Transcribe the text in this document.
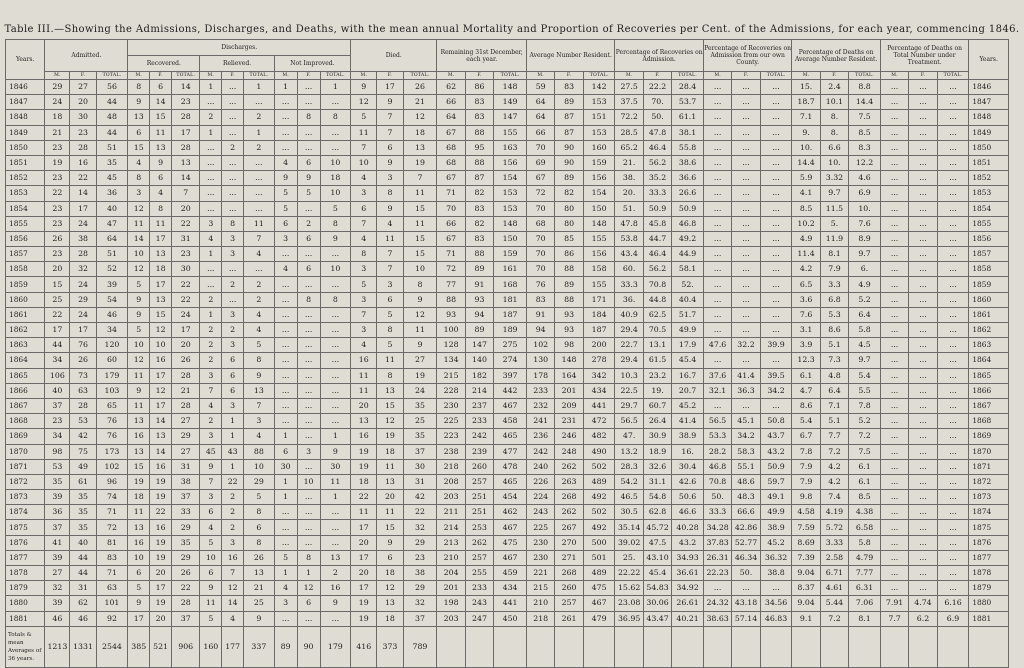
Table III.—Showing the Admissions, Discharges, and Deaths, with the mean annual Mortality and Proportion of Recoveries per Cent. of the Admissions, for each year, commencing 1846.
Years.	Admitted.			Discharges.									Died.			Remaining 31st December, each year.			Average Number Resident.			Percentage of Recoveries on Admission.			Percentage of Recoveries on Admission from our own County.			Percentage of Deaths on Average Number Resident.			Percentage of Deaths on Total Number under Treatment.			Years.
				Recovered.			Relieved.			Not Improved.																								
	M.	F.	TOTAL.	M.	F.	TOTAL.	M.	F.	TOTAL.	M.	F.	TOTAL.	M.	F.	TOTAL.	M.	F.	TOTAL.	M.	F.	TOTAL.	M.	F.	TOTAL.	M.	F.	TOTAL.	M.	F.	TOTAL.	M.	F.	TOTAL.	
1846	29	27	56	8	6	14	1	...	1	1	...	1	9	17	26	62	86	148	59	83	142	27.5	22.2	28.4	...	...	...	15.	2.4	8.8	...	...	...	1846
1847	24	20	44	9	14	23	...	...	...	...	...	...	12	9	21	66	83	149	64	89	153	37.5	70.	53.7	...	...	...	18.7	10.1	14.4	...	...	...	1847
1848	18	30	48	13	15	28	2	...	2	...	8	8	5	7	12	64	83	147	64	87	151	72.2	50.	61.1	...	...	...	7.1	8.	7.5	...	...	...	1848
1849	21	23	44	6	11	17	1	...	1	...	...	...	11	7	18	67	88	155	66	87	153	28.5	47.8	38.1	...	...	...	9.	8.	8.5	...	...	...	1849
1850	23	28	51	15	13	28	...	2	2	...	...	...	7	6	13	68	95	163	70	90	160	65.2	46.4	55.8	...	...	...	10.	6.6	8.3	...	...	...	1850
1851	19	16	35	4	9	13	...	...	...	4	6	10	10	9	19	68	88	156	69	90	159	21.	56.2	38.6	...	...	...	14.4	10.	12.2	...	...	...	1851
1852	23	22	45	8	6	14	...	...	...	9	9	18	4	3	7	67	87	154	67	89	156	38.	35.2	36.6	...	...	...	5.9	3.32	4.6	...	...	...	1852
1853	22	14	36	3	4	7	...	...	...	5	5	10	3	8	11	71	82	153	72	82	154	20.	33.3	26.6	...	...	...	4.1	9.7	6.9	...	...	...	1853
1854	23	17	40	12	8	20	...	...	...	5	...	5	6	9	15	70	83	153	70	80	150	51.	50.9	50.9	...	...	...	8.5	11.5	10.	...	...	...	1854
1855	23	24	47	11	11	22	3	8	11	6	2	8	7	4	11	66	82	148	68	80	148	47.8	45.8	46.8	...	...	...	10.2	5.	7.6	...	...	...	1855
1856	26	38	64	14	17	31	4	3	7	3	6	9	4	11	15	67	83	150	70	85	155	53.8	44.7	49.2	...	...	...	4.9	11.9	8.9	...	...	...	1856
1857	23	28	51	10	13	23	1	3	4	...	...	...	8	7	15	71	88	159	70	86	156	43.4	46.4	44.9	...	...	...	11.4	8.1	9.7	...	...	...	1857
1858	20	32	52	12	18	30	...	...	...	4	6	10	3	7	10	72	89	161	70	88	158	60.	56.2	58.1	...	...	...	4.2	7.9	6.	...	...	...	1858
1859	15	24	39	5	17	22	...	2	2	...	...	...	5	3	8	77	91	168	76	89	155	33.3	70.8	52.	...	...	...	6.5	3.3	4.9	...	...	...	1859
1860	25	29	54	9	13	22	2	...	2	...	8	8	3	6	9	88	93	181	83	88	171	36.	44.8	40.4	...	...	...	3.6	6.8	5.2	...	...	...	1860
1861	22	24	46	9	15	24	1	3	4	...	...	...	7	5	12	93	94	187	91	93	184	40.9	62.5	51.7	...	...	...	7.6	5.3	6.4	...	...	...	1861
1862	17	17	34	5	12	17	2	2	4	...	...	...	3	8	11	100	89	189	94	93	187	29.4	70.5	49.9	...	...	...	3.1	8.6	5.8	...	...	...	1862
1863	44	76	120	10	10	20	2	3	5	...	...	...	4	5	9	128	147	275	102	98	200	22.7	13.1	17.9	47.6	32.2	39.9	3.9	5.1	4.5	...	...	...	1863
1864	34	26	60	12	16	26	2	6	8	...	...	...	16	11	27	134	140	274	130	148	278	29.4	61.5	45.4	...	...	...	12.3	7.3	9.7	...	...	...	1864
1865	106	73	179	11	17	28	3	6	9	...	...	...	11	8	19	215	182	397	178	164	342	10.3	23.2	16.7	37.6	41.4	39.5	6.1	4.8	5.4	...	...	...	1865
1866	40	63	103	9	12	21	7	6	13	...	...	...	11	13	24	228	214	442	233	201	434	22.5	19.	20.7	32.1	36.3	34.2	4.7	6.4	5.5	...	...	...	1866
1867	37	28	65	11	17	28	4	3	7	...	...	...	20	15	35	230	237	467	232	209	441	29.7	60.7	45.2	...	...	...	8.6	7.1	7.8	...	...	...	1867
1868	23	53	76	13	14	27	2	1	3	...	...	...	13	12	25	225	233	458	241	231	472	56.5	26.4	41.4	56.5	45.1	50.8	5.4	5.1	5.2	...	...	...	1868
1869	34	42	76	16	13	29	3	1	4	1	...	1	16	19	35	223	242	465	236	246	482	47.	30.9	38.9	53.3	34.2	43.7	6.7	7.7	7.2	...	...	...	1869
1870	98	75	173	13	14	27	45	43	88	6	3	9	19	18	37	238	239	477	242	248	490	13.2	18.9	16.	28.2	58.3	43.2	7.8	7.2	7.5	...	...	...	1870
1871	53	49	102	15	16	31	9	1	10	30	...	30	19	11	30	218	260	478	240	262	502	28.3	32.6	30.4	46.8	55.1	50.9	7.9	4.2	6.1	...	...	...	1871
1872	35	61	96	19	19	38	7	22	29	1	10	11	18	13	31	208	257	465	226	263	489	54.2	31.1	42.6	70.8	48.6	59.7	7.9	4.2	6.1	...	...	...	1872
1873	39	35	74	18	19	37	3	2	5	1	...	1	22	20	42	203	251	454	224	268	492	46.5	54.8	50.6	50.	48.3	49.1	9.8	7.4	8.5	...	...	...	1873
1874	36	35	71	11	22	33	6	2	8	...	...	...	11	11	22	211	251	462	243	262	502	30.5	62.8	46.6	33.3	66.6	49.9	4.58	4.19	4.38	...	...	...	1874
1875	37	35	72	13	16	29	4	2	6	...	...	...	17	15	32	214	253	467	225	267	492	35.14	45.72	40.28	34.28	42.86	38.9	7.59	5.72	6.58	...	...	...	1875
1876	41	40	81	16	19	35	5	3	8	...	...	...	20	9	29	213	262	475	230	270	500	39.02	47.5	43.2	37.83	52.77	45.2	8.69	3.33	5.8	...	...	...	1876
1877	39	44	83	10	19	29	10	16	26	5	8	13	17	6	23	210	257	467	230	271	501	25.	43.10	34.93	26.31	46.34	36.32	7.39	2.58	4.79	...	...	...	1877
1878	27	44	71	6	20	26	6	7	13	1	1	2	20	18	38	204	255	459	221	268	489	22.22	45.4	36.61	22.23	50.	38.8	9.04	6.71	7.77	...	...	...	1878
1879	32	31	63	5	17	22	9	12	21	4	12	16	17	12	29	201	233	434	215	260	475	15.62	54.83	34.92	...	...	...	8.37	4.61	6.31	...	...	...	1879
1880	39	62	101	9	19	28	11	14	25	3	6	9	19	13	32	198	243	441	210	257	467	23.08	30.06	26.61	24.32	43.18	34.56	9.04	5.44	7.06	7.91	4.74	6.16	1880
1881	46	46	92	17	20	37	5	4	9	...	...	...	19	18	37	203	247	450	218	261	479	36.95	43.47	40.21	38.63	57.14	46.83	9.1	7.2	8.1	7.7	6.2	6.9	1881
Totals & mean Averages of 36 years.	1213	1331	2544	385	521	906	160	177	337	89	90	179	416	373	789																			
